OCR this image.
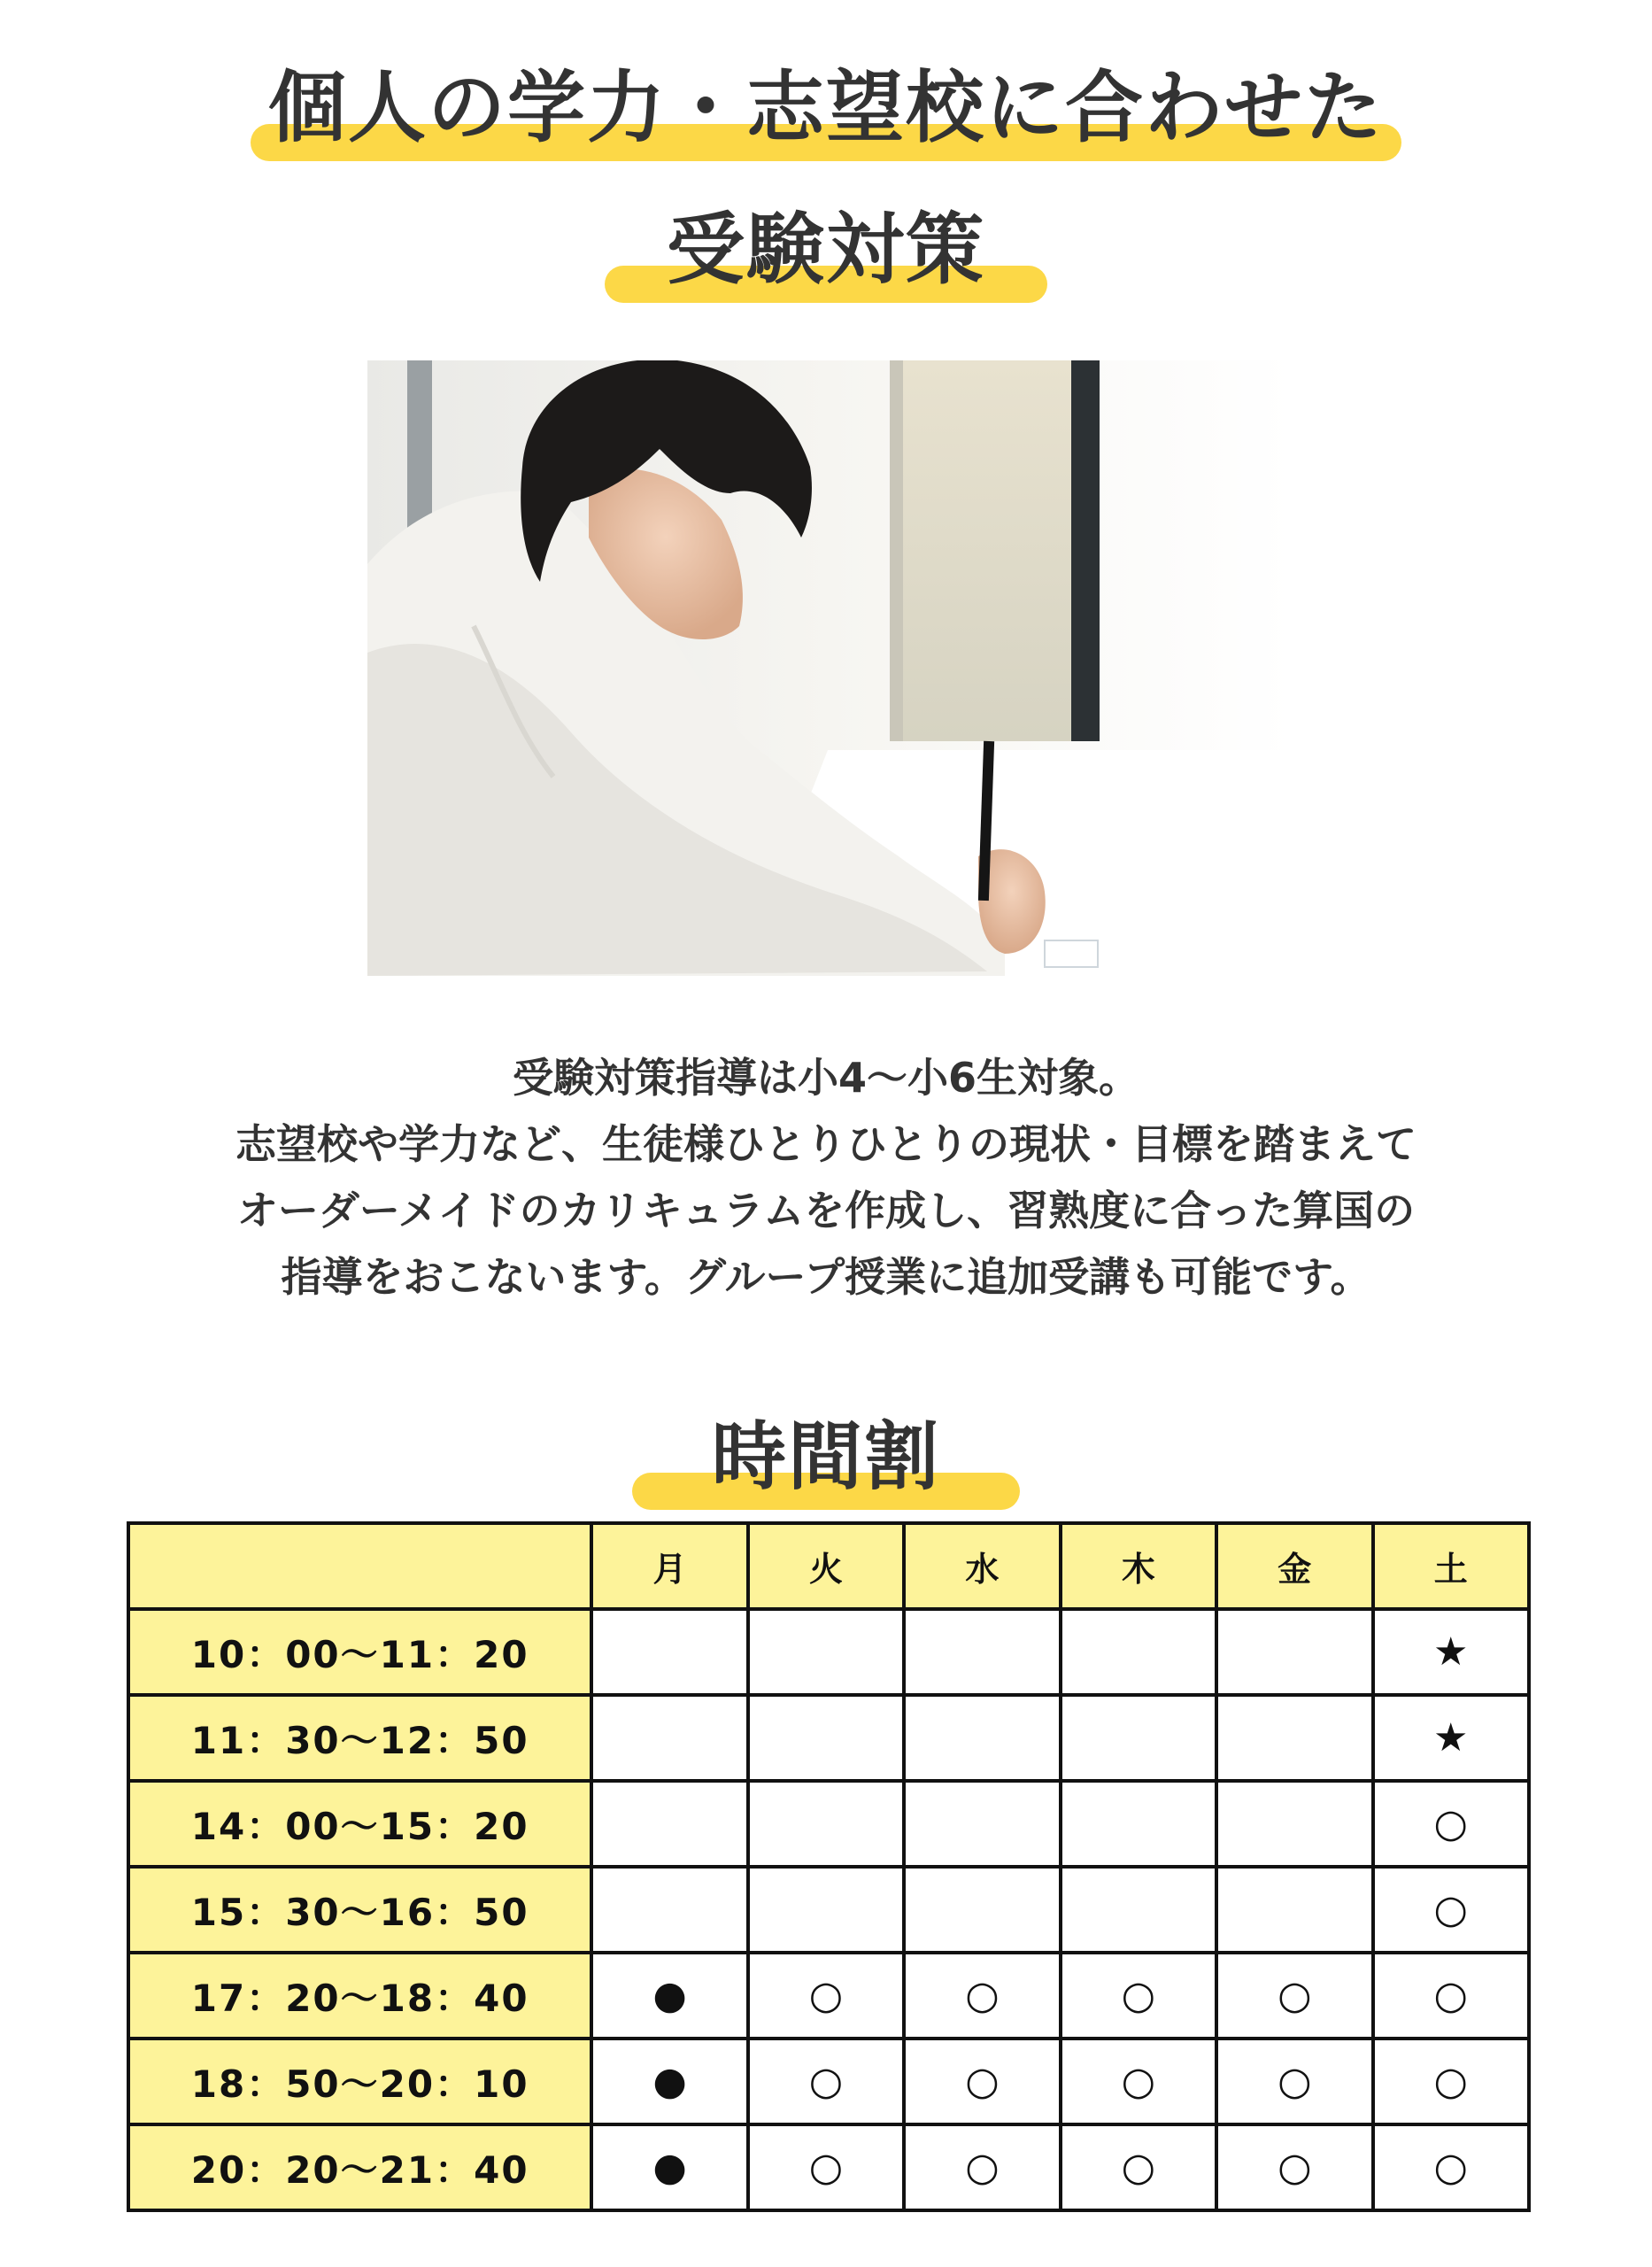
個人の学力・志望校に合わせた
受験対策
受験対策指導は小4〜小6生対象。
志望校や学力など、生徒様ひとりひとりの現状・目標を踏まえて
オーダーメイドのカリキュラムを作成し、習熟度に合った算国の
指導をおこないます。グループ授業に追加受講も可能です。
時間割
	月	火	水	木	金	土
10：00〜11：20						★
11：30〜12：50						★
14：00〜15：20						○
15：30〜16：50						○
17：20〜18：40	●	○	○	○	○	○
18：50〜20：10	●	○	○	○	○	○
20：20〜21：40	●	○	○	○	○	○
